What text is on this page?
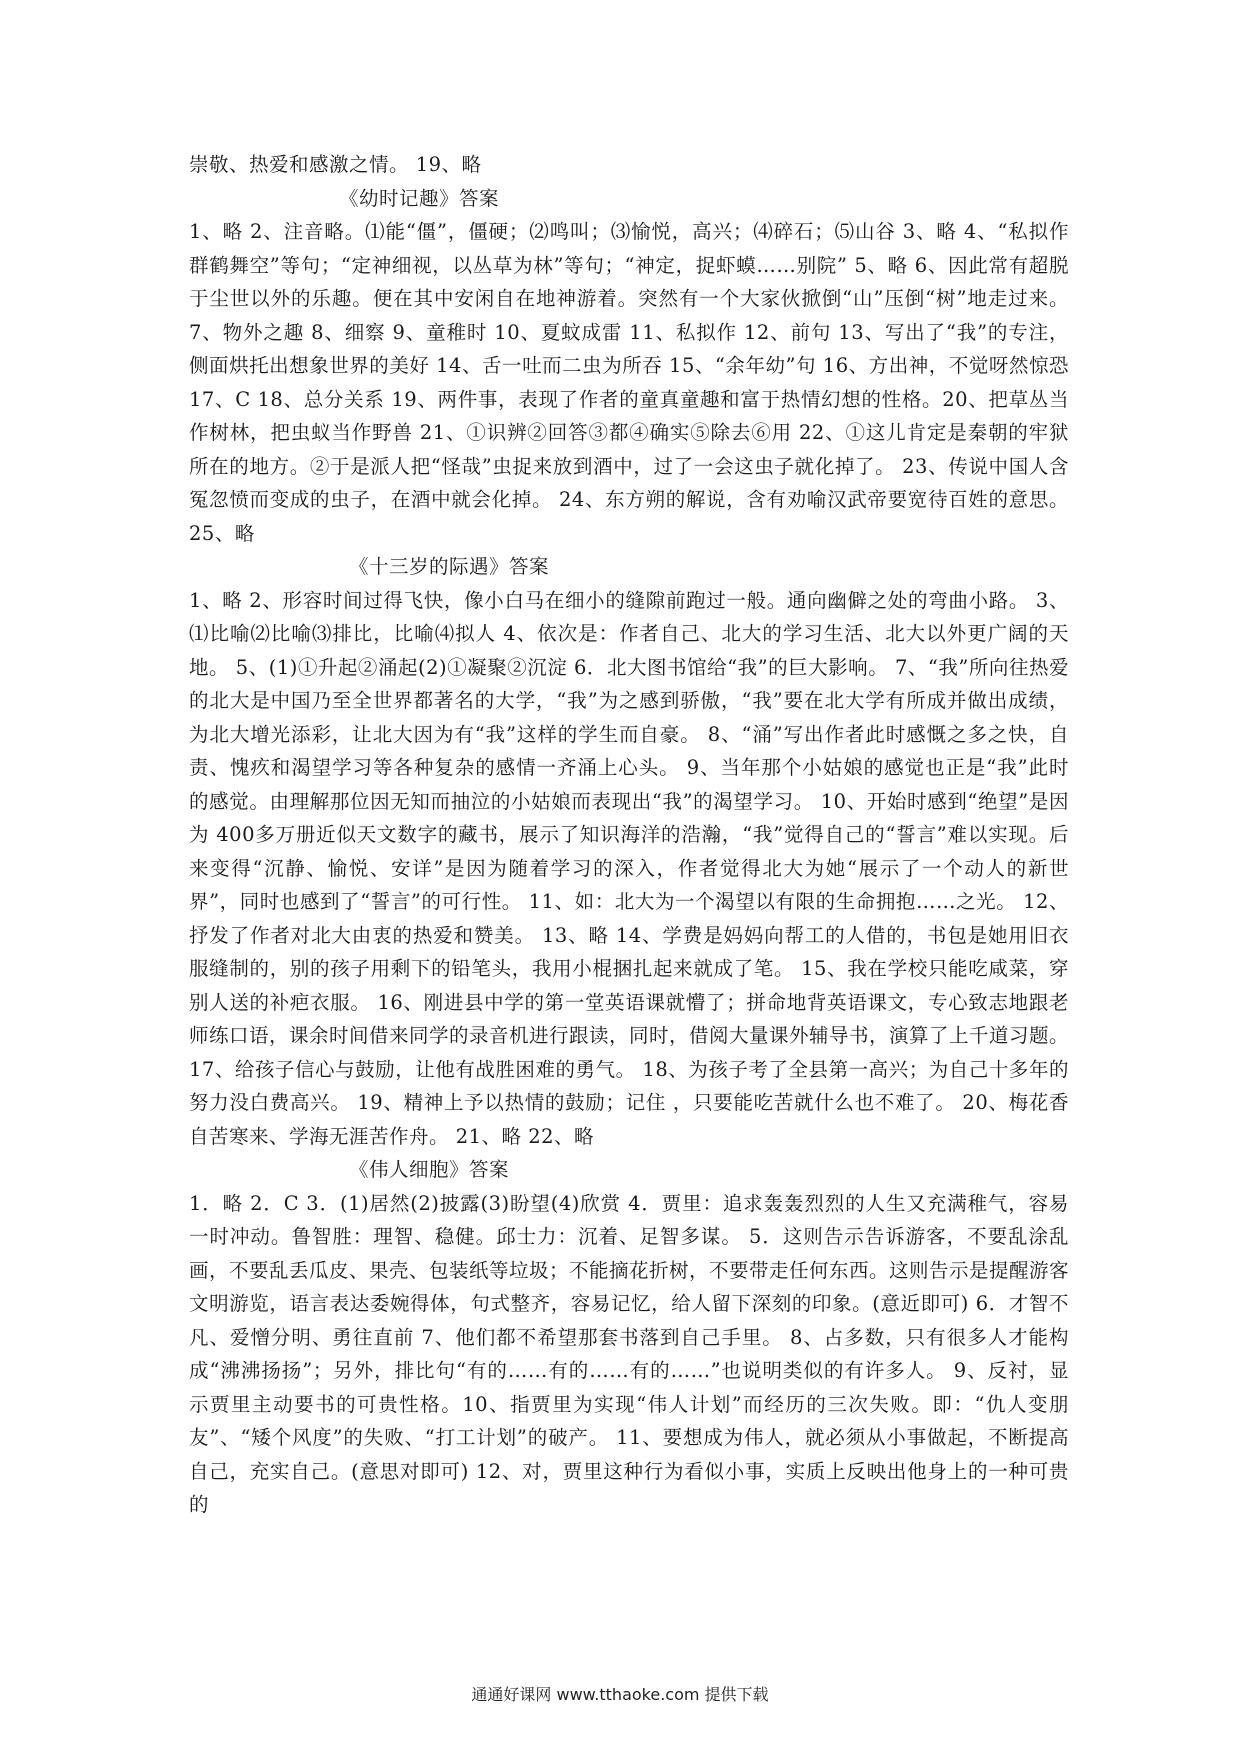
崇敬、热爱和感激之情。 19、略

《幼时记趣》答案

1、略 2、注音略。⑴能“僵”，僵硬；⑵鸣叫；⑶愉悦，高兴；⑷碎石；⑸山谷 3、略 4、“私拟作群鹤舞空”等句；“定神细视，以丛草为林”等句；“神定，捉虾蟆……别院” 5、略 6、因此常有超脱于尘世以外的乐趣。便在其中安闲自在地神游着。突然有一个大家伙掀倒“山”压倒“树”地走过来。 7、物外之趣 8、细察 9、童稚时 10、夏蚊成雷 11、私拟作 12、前句 13、写出了“我”的专注，侧面烘托出想象世界的美好 14、舌一吐而二虫为所吞 15、“余年幼”句 16、方出神，不觉呀然惊恐 17、C 18、总分关系 19、两件事，表现了作者的童真童趣和富于热情幻想的性格。20、把草丛当作树林，把虫蚁当作野兽 21、①识辨②回答③都④确实⑤除去⑥用 22、①这儿肯定是秦朝的牢狱所在的地方。②于是派人把“怪哉”虫捉来放到酒中，过了一会这虫子就化掉了。 23、传说中国人含冤忽愤而变成的虫子，在酒中就会化掉。 24、东方朔的解说，含有劝喻汉武帝要宽待百姓的意思。 25、略

《十三岁的际遇》答案

1、略 2、形容时间过得飞快，像小白马在细小的缝隙前跑过一般。通向幽僻之处的弯曲小路。 3、⑴比喻⑵比喻⑶排比，比喻⑷拟人 4、依次是：作者自己、北大的学习生活、北大以外更广阔的天地。 5、(1)①升起②涌起(2)①凝聚②沉淀 6．北大图书馆给“我”的巨大影响。 7、“我”所向往热爱的北大是中国乃至全世界都著名的大学，“我”为之感到骄傲，“我”要在北大学有所成并做出成绩，为北大增光添彩，让北大因为有“我”这样的学生而自豪。 8、“涌”写出作者此时感慨之多之快，自责、愧疚和渴望学习等各种复杂的感情一齐涌上心头。 9、当年那个小姑娘的感觉也正是“我”此时的感觉。由理解那位因无知而抽泣的小姑娘而表现出“我”的渴望学习。 10、开始时感到“绝望”是因为 400多万册近似天文数字的藏书，展示了知识海洋的浩瀚，“我”觉得自己的“誓言”难以实现。后来变得“沉静、愉悦、安详”是因为随着学习的深入，作者觉得北大为她“展示了一个动人的新世界”，同时也感到了“誓言”的可行性。 11、如：北大为一个渴望以有限的生命拥抱……之光。 12、抒发了作者对北大由衷的热爱和赞美。 13、略 14、学费是妈妈向帮工的人借的，书包是她用旧衣服缝制的，别的孩子用剩下的铅笔头，我用小棍捆扎起来就成了笔。 15、我在学校只能吃咸菜，穿别人送的补疤衣服。 16、刚进县中学的第一堂英语课就懵了；拼命地背英语课文，专心致志地跟老师练口语，课余时间借来同学的录音机进行跟读，同时，借阅大量课外辅导书，演算了上千道习题。 17、给孩子信心与鼓励，让他有战胜困难的勇气。 18、为孩子考了全县第一高兴；为自己十多年的努力没白费高兴。 19、精神上予以热情的鼓励；记住 ，只要能吃苦就什么也不难了。 20、梅花香自苦寒来、学海无涯苦作舟。 21、略 22、略

《伟人细胞》答案

1．略 2．C 3．(1)居然(2)披露(3)盼望(4)欣赏 4．贾里：追求轰轰烈烈的人生又充满稚气，容易一时冲动。鲁智胜：理智、稳健。邱士力：沉着、足智多谋。 5．这则告示告诉游客，不要乱涂乱画，不要乱丢瓜皮、果壳、包装纸等垃圾；不能摘花折树，不要带走任何东西。这则告示是提醒游客文明游览，语言表达委婉得体，句式整齐，容易记忆，给人留下深刻的印象。(意近即可) 6．才智不凡、爱憎分明、勇往直前 7、他们都不希望那套书落到自己手里。 8、占多数，只有很多人才能构成“沸沸扬扬”；另外，排比句“有的……有的……有的……”也说明类似的有许多人。 9、反衬，显示贾里主动要书的可贵性格。10、指贾里为实现“伟人计划”而经历的三次失败。即：“仇人变朋友”、“矮个风度”的失败、“打工计划”的破产。 11、要想成为伟人，就必须从小事做起，不断提高自己，充实自己。(意思对即可) 12、对，贾里这种行为看似小事，实质上反映出他身上的一种可贵的

通通好课网 www.tthaoke.com 提供下载
